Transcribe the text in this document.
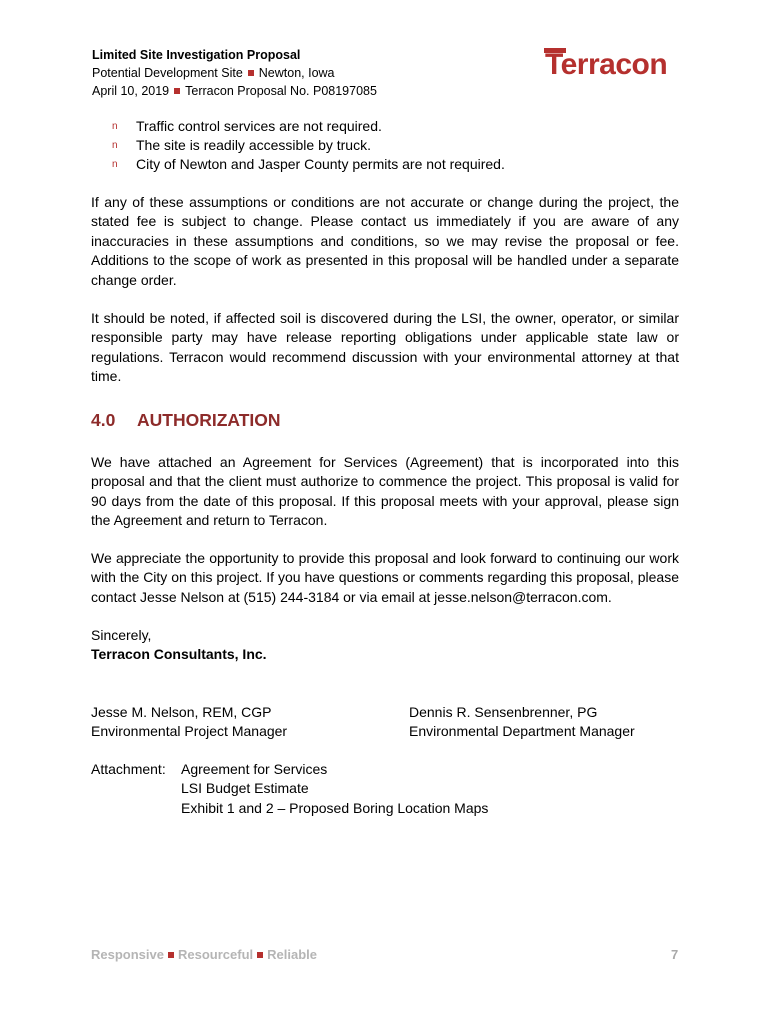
Limited Site Investigation Proposal
Potential Development Site Newton, Iowa
April 10, 2019 Terracon Proposal No. P08197085
Terracon
n	Traffic control services are not required.
n	The site is readily accessible by truck.
n	City of Newton and Jasper County permits are not required.
If any of these assumptions or conditions are not accurate or change during the project, the stated fee is subject to change. Please contact us immediately if you are aware of any inaccuracies in these assumptions and conditions, so we may revise the proposal or fee. Additions to the scope of work as presented in this proposal will be handled under a separate change order.
It should be noted, if affected soil is discovered during the LSI, the owner, operator, or similar responsible party may have release reporting obligations under applicable state law or regulations. Terracon would recommend discussion with your environmental attorney at that time.
4.0 AUTHORIZATION
We have attached an Agreement for Services (Agreement) that is incorporated into this proposal and that the client must authorize to commence the project. This proposal is valid for 90 days from the date of this proposal. If this proposal meets with your approval, please sign the Agreement and return to Terracon.
We appreciate the opportunity to provide this proposal and look forward to continuing our work with the City on this project. If you have questions or comments regarding this proposal, please contact Jesse Nelson at (515) 244-3184 or via email at jesse.nelson@terracon.com.
Sincerely,
Terracon Consultants, Inc.
Jesse M. Nelson, REM, CGP
Environmental Project Manager
Dennis R. Sensenbrenner, PG
Environmental Department Manager
Attachment:	Agreement for Services
LSI Budget Estimate
Exhibit 1 and 2 – Proposed Boring Location Maps
Responsive Resourceful Reliable	7
